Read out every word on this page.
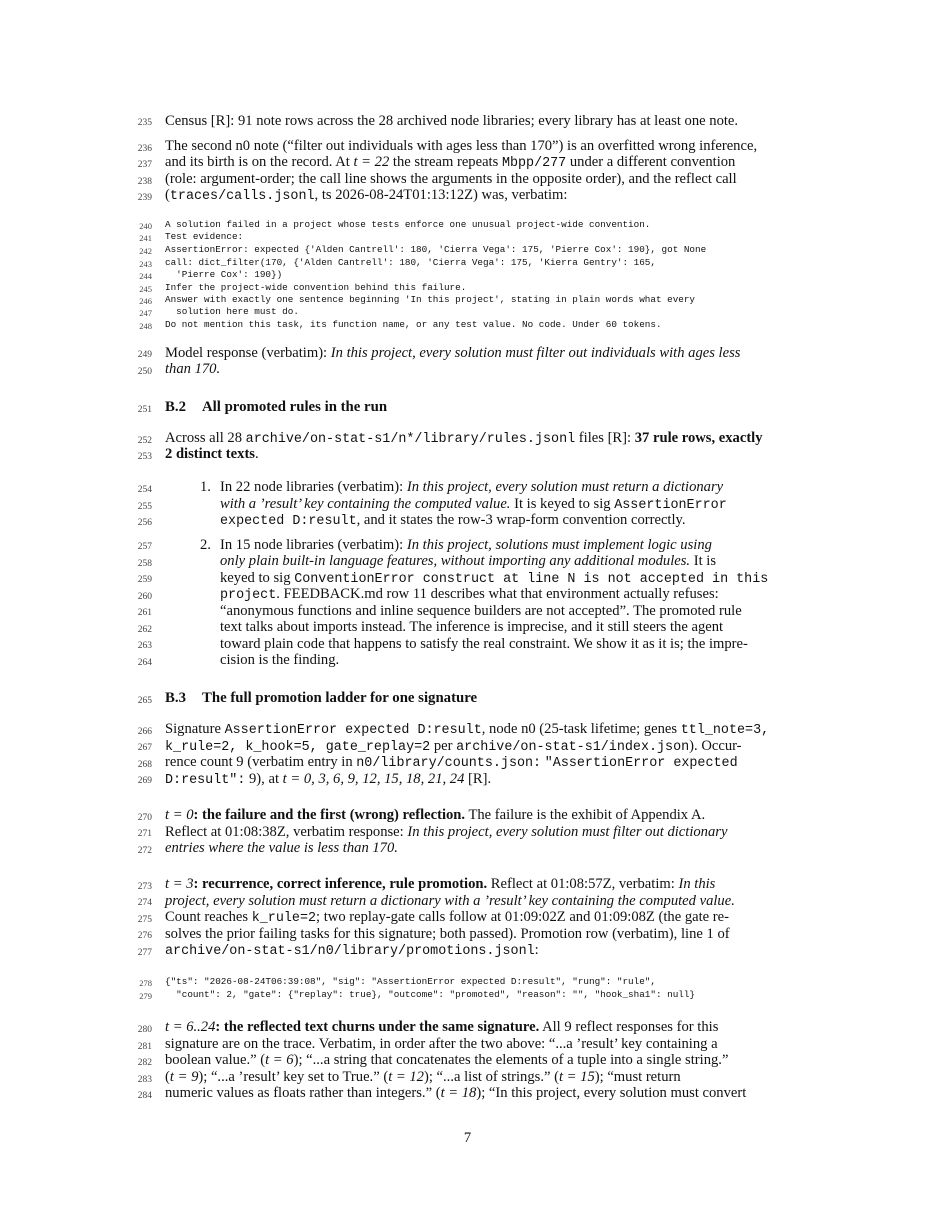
235 Census [R]: 91 note rows across the 28 archived node libraries; every library has at least one note.
236 The second n0 note (“filter out individuals with ages less than 170”) is an overfitted wrong inference,
237 and its birth is on the record. At t = 22 the stream repeats Mbpp/277 under a different convention
238 (role: argument-order; the call line shows the arguments in the opposite order), and the reflect call
239 (traces/calls.jsonl, ts 2026-08-24T01:13:12Z) was, verbatim:
240 A solution failed in a project whose tests enforce one unusual project-wide convention.
241 Test evidence:
242 AssertionError: expected {'Alden Cantrell': 180, 'Cierra Vega': 175, 'Pierre Cox': 190}, got None
243 call: dict_filter(170, {'Alden Cantrell': 180, 'Cierra Vega': 175, 'Kierra Gentry': 165,
244 'Pierre Cox': 190})
245 Infer the project-wide convention behind this failure.
246 Answer with exactly one sentence beginning 'In this project', stating in plain words what every
247 solution here must do.
248 Do not mention this task, its function name, or any test value. No code. Under 60 tokens.
249 Model response (verbatim): In this project, every solution must filter out individuals with ages less
250 than 170.
251 B.2 All promoted rules in the run
252 Across all 28 archive/on-stat-s1/n*/library/rules.jsonl files [R]: 37 rule rows, exactly
253 2 distinct texts.
254	1. In 22 node libraries (verbatim): In this project, every solution must return a dictionary
255	with a ’result’ key containing the computed value. It is keyed to sig AssertionError
256	expected D:result, and it states the row-3 wrap-form convention correctly.
257	2. In 15 node libraries (verbatim): In this project, solutions must implement logic using
258	only plain built-in language features, without importing any additional modules. It is
259	keyed to sig ConventionError construct at line N is not accepted in this
260	project. FEEDBACK.md row 11 describes what that environment actually refuses:
261	“anonymous functions and inline sequence builders are not accepted”. The promoted rule
262	text talks about imports instead. The inference is imprecise, and it still steers the agent
263	toward plain code that happens to satisfy the real constraint. We show it as it is; the impre-
264	cision is the finding.
265 B.3 The full promotion ladder for one signature
266 Signature AssertionError expected D:result, node n0 (25-task lifetime; genes ttl_note=3,
267 k_rule=2, k_hook=5, gate_replay=2 per archive/on-stat-s1/index.json). Occur-
268 rence count 9 (verbatim entry in n0/library/counts.json: "AssertionError expected
269 D:result": 9), at t = 0, 3, 6, 9, 12, 15, 18, 21, 24 [R].
270 t = 0: the failure and the first (wrong) reflection. The failure is the exhibit of Appendix A.
271 Reflect at 01:08:38Z, verbatim response: In this project, every solution must filter out dictionary
272 entries where the value is less than 170.
273 t = 3: recurrence, correct inference, rule promotion. Reflect at 01:08:57Z, verbatim: In this
274 project, every solution must return a dictionary with a ’result’ key containing the computed value.
275 Count reaches k_rule=2; two replay-gate calls follow at 01:09:02Z and 01:09:08Z (the gate re-
276 solves the prior failing tasks for this signature; both passed). Promotion row (verbatim), line 1 of
277 archive/on-stat-s1/n0/library/promotions.jsonl:
278 {"ts": "2026-08-24T06:39:08", "sig": "AssertionError expected D:result", "rung": "rule",
279 "count": 2, "gate": {"replay": true}, "outcome": "promoted", "reason": "", "hook_sha1": null}
280 t = 6..24: the reflected text churns under the same signature. All 9 reflect responses for this
281 signature are on the trace. Verbatim, in order after the two above: “...a ’result’ key containing a
282 boolean value.” (t = 6); “...a string that concatenates the elements of a tuple into a single string.”
283 (t = 9); “...a ’result’ key set to True.” (t = 12); “...a list of strings.” (t = 15); “must return
284 numeric values as floats rather than integers.” (t = 18); “In this project, every solution must convert
7
